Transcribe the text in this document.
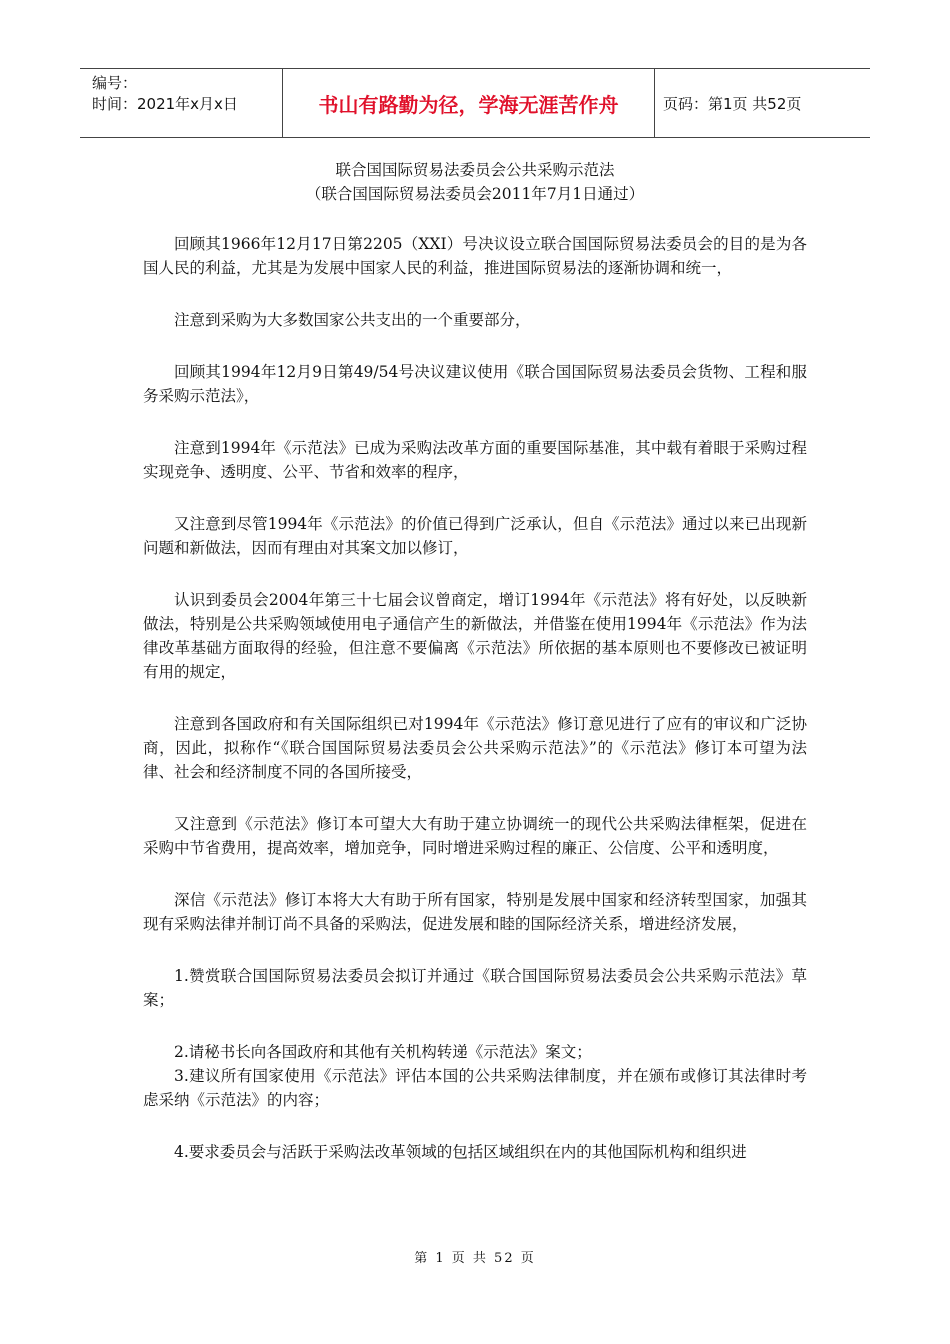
编号：
时间：2021年x月x日	书山有路勤为径，学海无涯苦作舟	页码：第1页 共52页

联合国国际贸易法委员会公共采购示范法

（联合国国际贸易法委员会2011年7月1日通过）

回顾其1966年12月17日第2205（XXI）号决议设立联合国国际贸易法委员会的目的是为各国人民的利益，尤其是为发展中国家人民的利益，推进国际贸易法的逐渐协调和统一，

注意到采购为大多数国家公共支出的一个重要部分，

回顾其1994年12月9日第49/54号决议建议使用《联合国国际贸易法委员会货物、工程和服务采购示范法》，

注意到1994年《示范法》已成为采购法改革方面的重要国际基准，其中载有着眼于采购过程实现竞争、透明度、公平、节省和效率的程序，

又注意到尽管1994年《示范法》的价值已得到广泛承认，但自《示范法》通过以来已出现新问题和新做法，因而有理由对其案文加以修订，

认识到委员会2004年第三十七届会议曾商定，增订1994年《示范法》将有好处，以反映新做法，特别是公共采购领域使用电子通信产生的新做法，并借鉴在使用1994年《示范法》作为法律改革基础方面取得的经验，但注意不要偏离《示范法》所依据的基本原则也不要修改已被证明有用的规定，

注意到各国政府和有关国际组织已对1994年《示范法》修订意见进行了应有的审议和广泛协商，因此，拟称作“《联合国国际贸易法委员会公共采购示范法》”的《示范法》修订本可望为法律、社会和经济制度不同的各国所接受，

又注意到《示范法》修订本可望大大有助于建立协调统一的现代公共采购法律框架，促进在采购中节省费用，提高效率，增加竞争，同时增进采购过程的廉正、公信度、公平和透明度，

深信《示范法》修订本将大大有助于所有国家，特别是发展中国家和经济转型国家，加强其现有采购法律并制订尚不具备的采购法，促进发展和睦的国际经济关系，增进经济发展，

1.赞赏联合国国际贸易法委员会拟订并通过《联合国国际贸易法委员会公共采购示范法》草案；

2.请秘书长向各国政府和其他有关机构转递《示范法》案文；

3.建议所有国家使用《示范法》评估本国的公共采购法律制度，并在颁布或修订其法律时考虑采纳《示范法》的内容；

4.要求委员会与活跃于采购法改革领域的包括区域组织在内的其他国际机构和组织进

第 1 页 共 52 页
